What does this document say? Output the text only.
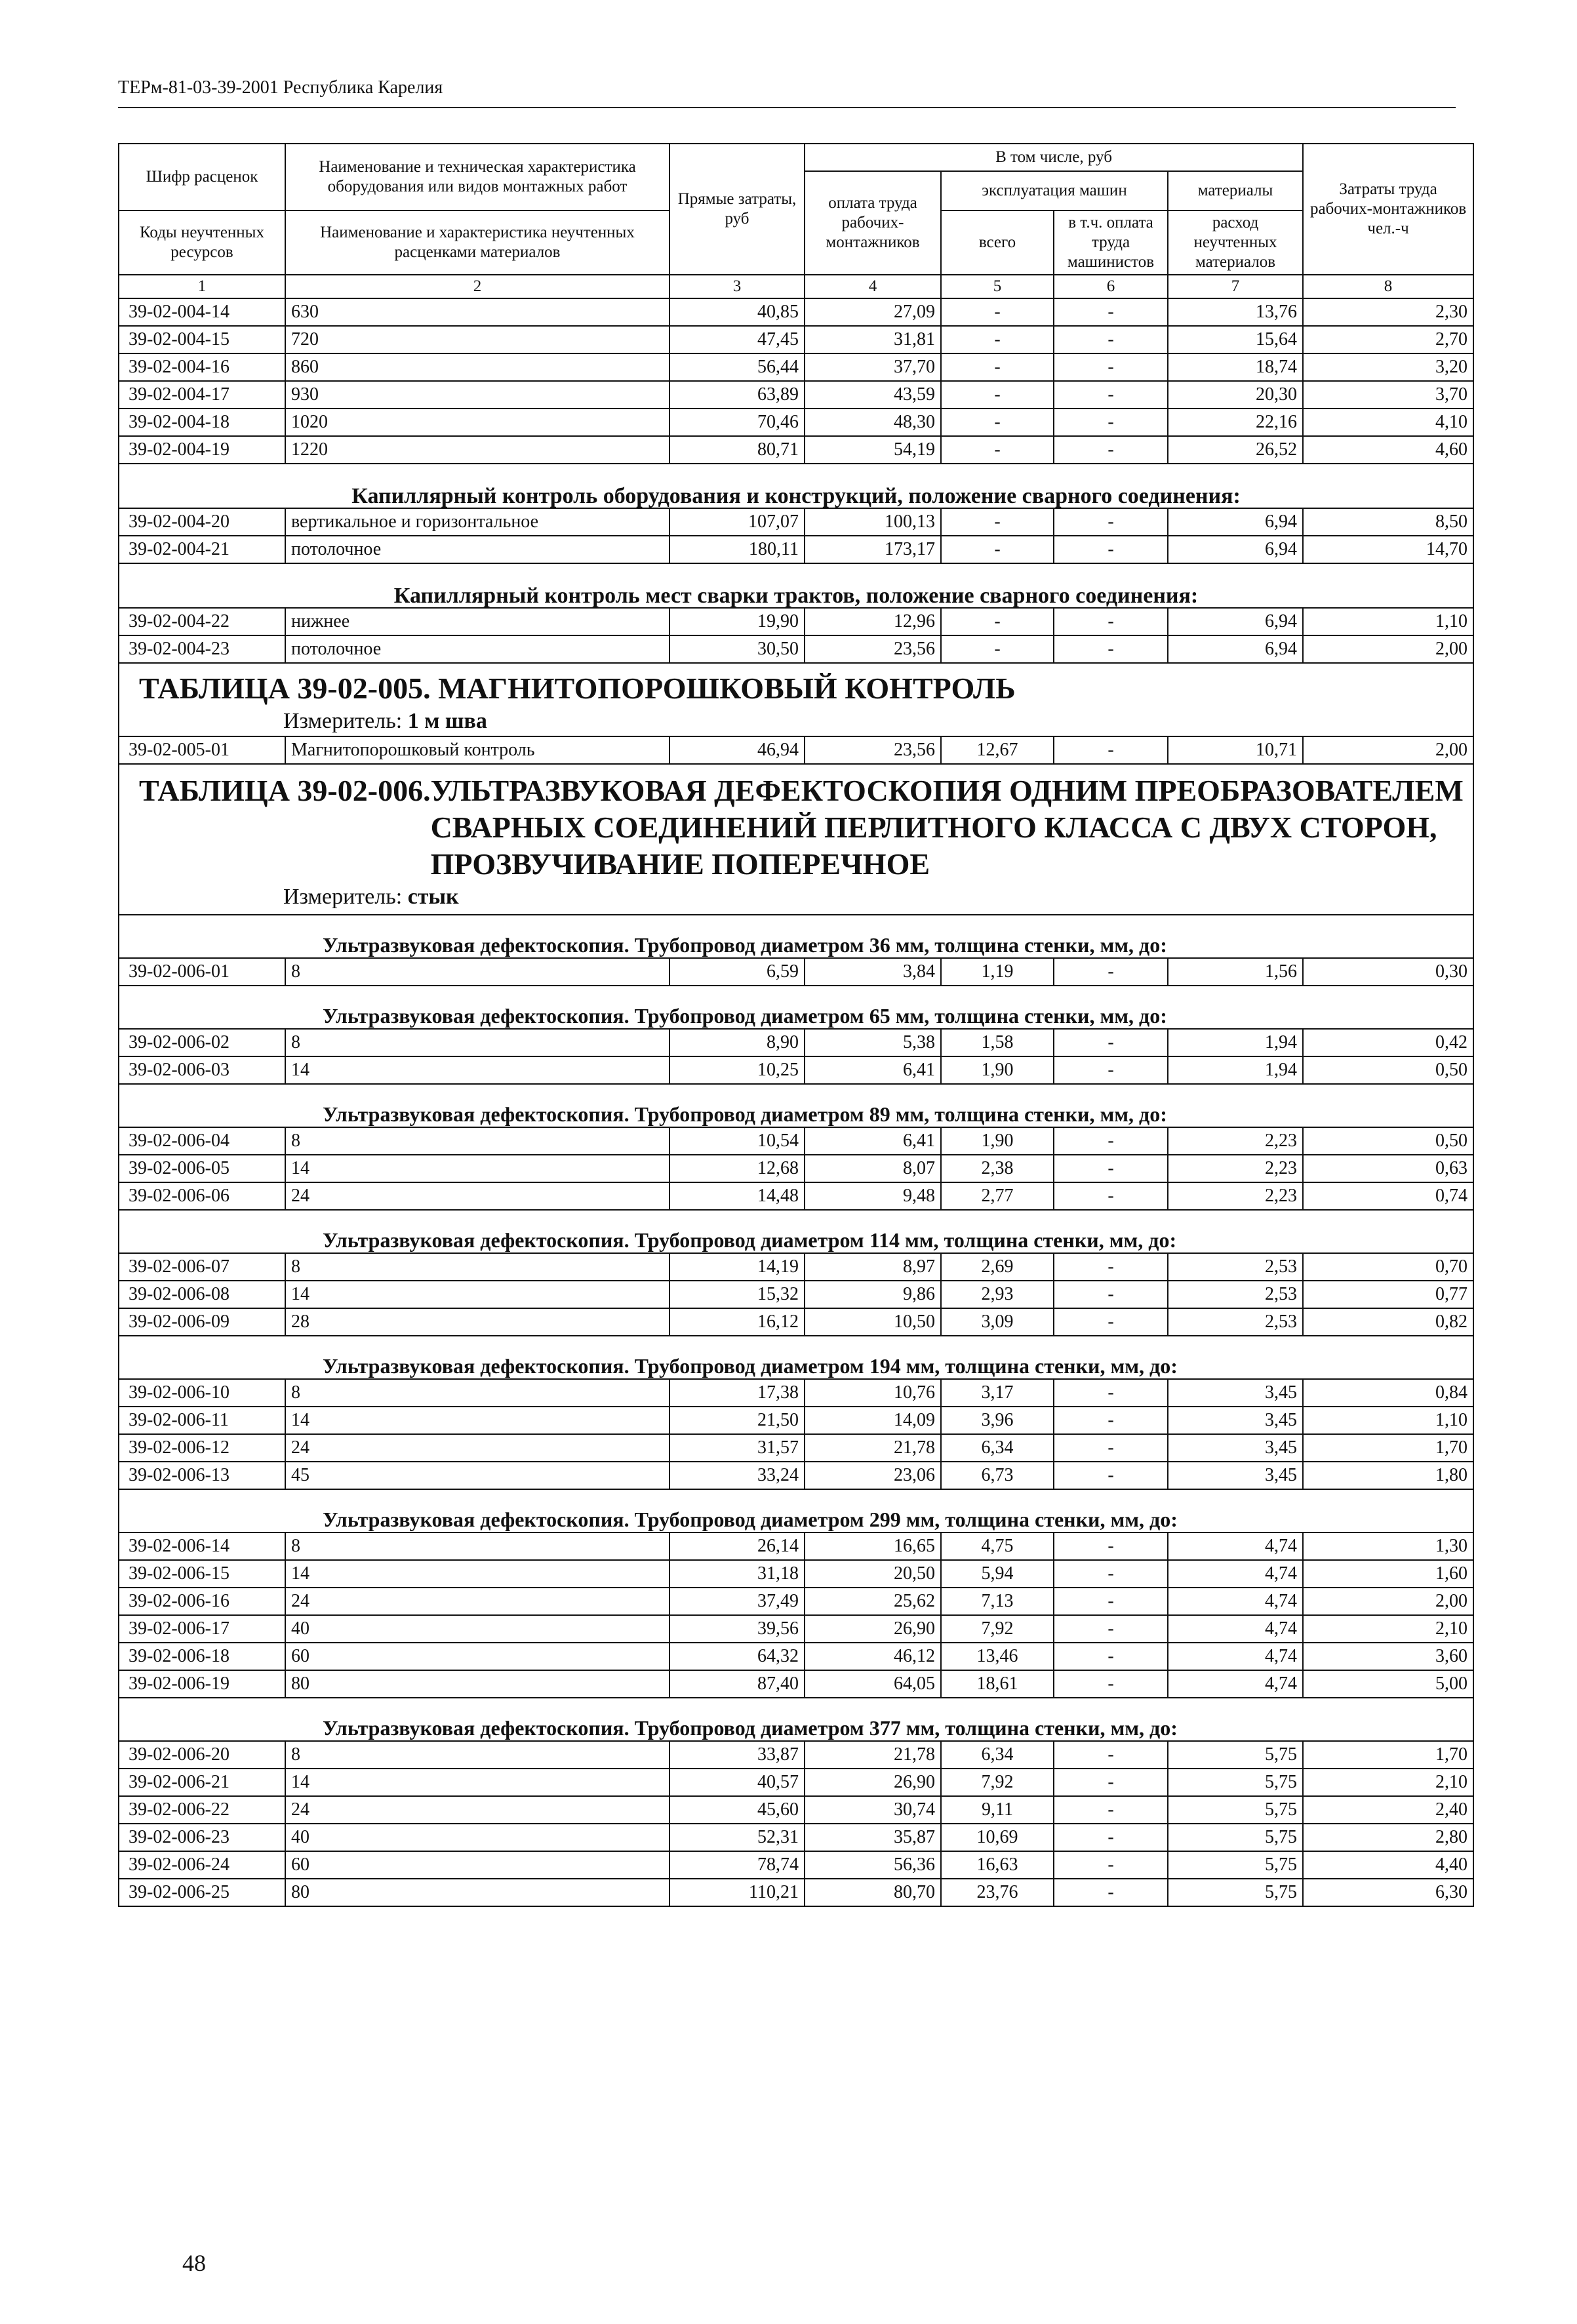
ТЕРм-81-03-39-2001 Республика Карелия
Шифр расценок	Наименование и техническая характеристика оборудования или видов монтажных работ	Прямые затраты, руб	В том числе, руб				Затраты труда рабочих-монтажников чел.-ч
			оплата труда рабочих-монтажников	эксплуатация машин		материалы	
Коды неучтенных ресурсов	Наименование и характеристика неучтенных расценками материалов			всего	в т.ч. оплата труда машинистов	расход неучтенных материалов	

1	2	3	4	5	6	7	8
39-02-004-14	630	40,85	27,09	-	-	13,76	2,30
39-02-004-15	720	47,45	31,81	-	-	15,64	2,70
39-02-004-16	860	56,44	37,70	-	-	18,74	3,20
39-02-004-17	930	63,89	43,59	-	-	20,30	3,70
39-02-004-18	1020	70,46	48,30	-	-	22,16	4,10
39-02-004-19	1220	80,71	54,19	-	-	26,52	4,60
Капиллярный контроль оборудования и конструкций, положение сварного соединения:							
39-02-004-20	вертикальное и горизонтальное	107,07	100,13	-	-	6,94	8,50
39-02-004-21	потолочное	180,11	173,17	-	-	6,94	14,70
Капиллярный контроль мест сварки трактов, положение сварного соединения:							
39-02-004-22	нижнее	19,90	12,96	-	-	6,94	1,10
39-02-004-23	потолочное	30,50	23,56	-	-	6,94	2,00

ТАБЛИЦА 39-02-005. МАГНИТОПОРОШКОВЫЙ КОНТРОЛЬ
Измеритель: 1 м шва							

39-02-005-01	Магнитопорошковый контроль	46,94	23,56	12,67	-	10,71	2,00

ТАБЛИЦА 39-02-006. УЛЬТРАЗВУКОВАЯ ДЕФЕКТОСКОПИЯ ОДНИМ ПРЕОБРАЗОВАТЕЛЕМ СВАРНЫХ СОЕДИНЕНИЙ ПЕРЛИТНОГО КЛАССА С ДВУХ СТОРОН, ПРОЗВУЧИВАНИЕ ПОПЕРЕЧНОЕ
Измеритель: стык							

Ультразвуковая дефектоскопия. Трубопровод диаметром 36 мм, толщина стенки, мм, до:							
39-02-006-01	8	6,59	3,84	1,19	-	1,56	0,30
Ультразвуковая дефектоскопия. Трубопровод диаметром 65 мм, толщина стенки, мм, до:							
39-02-006-02	8	8,90	5,38	1,58	-	1,94	0,42
39-02-006-03	14	10,25	6,41	1,90	-	1,94	0,50
Ультразвуковая дефектоскопия. Трубопровод диаметром 89 мм, толщина стенки, мм, до:							
39-02-006-04	8	10,54	6,41	1,90	-	2,23	0,50
39-02-006-05	14	12,68	8,07	2,38	-	2,23	0,63
39-02-006-06	24	14,48	9,48	2,77	-	2,23	0,74
Ультразвуковая дефектоскопия. Трубопровод диаметром 114 мм, толщина стенки, мм, до:							
39-02-006-07	8	14,19	8,97	2,69	-	2,53	0,70
39-02-006-08	14	15,32	9,86	2,93	-	2,53	0,77
39-02-006-09	28	16,12	10,50	3,09	-	2,53	0,82
Ультразвуковая дефектоскопия. Трубопровод диаметром 194 мм, толщина стенки, мм, до:							
39-02-006-10	8	17,38	10,76	3,17	-	3,45	0,84
39-02-006-11	14	21,50	14,09	3,96	-	3,45	1,10
39-02-006-12	24	31,57	21,78	6,34	-	3,45	1,70
39-02-006-13	45	33,24	23,06	6,73	-	3,45	1,80
Ультразвуковая дефектоскопия. Трубопровод диаметром 299 мм, толщина стенки, мм, до:							
39-02-006-14	8	26,14	16,65	4,75	-	4,74	1,30
39-02-006-15	14	31,18	20,50	5,94	-	4,74	1,60
39-02-006-16	24	37,49	25,62	7,13	-	4,74	2,00
39-02-006-17	40	39,56	26,90	7,92	-	4,74	2,10
39-02-006-18	60	64,32	46,12	13,46	-	4,74	3,60
39-02-006-19	80	87,40	64,05	18,61	-	4,74	5,00
Ультразвуковая дефектоскопия. Трубопровод диаметром 377 мм, толщина стенки, мм, до:							
39-02-006-20	8	33,87	21,78	6,34	-	5,75	1,70
39-02-006-21	14	40,57	26,90	7,92	-	5,75	2,10
39-02-006-22	24	45,60	30,74	9,11	-	5,75	2,40
39-02-006-23	40	52,31	35,87	10,69	-	5,75	2,80
39-02-006-24	60	78,74	56,36	16,63	-	5,75	4,40
39-02-006-25	80	110,21	80,70	23,76	-	5,75	6,30
48
